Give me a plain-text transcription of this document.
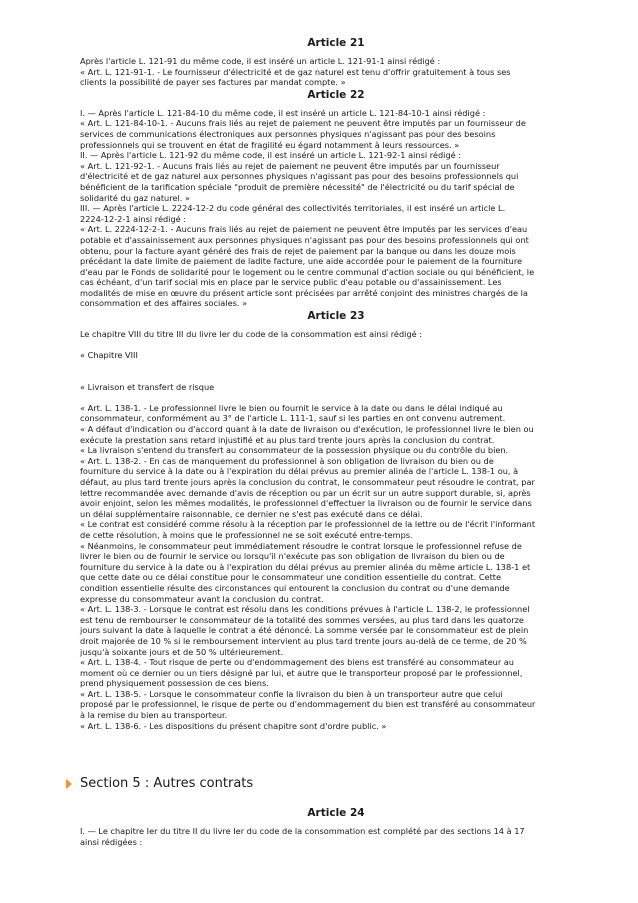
Article 21

Après l'article L. 121-91 du même code, il est inséré un article L. 121-91-1 ainsi rédigé :

« Art. L. 121-91-1. - Le fournisseur d'électricité et de gaz naturel est tenu d'offrir gratuitement à tous ses

clients la possibilité de payer ses factures par mandat compte. »

Article 22

I. — Après l'article L. 121-84-10 du même code, il est inséré un article L. 121-84-10-1 ainsi rédigé :

« Art. L. 121-84-10-1. - Aucuns frais liés au rejet de paiement ne peuvent être imputés par un fournisseur de

services de communications électroniques aux personnes physiques n'agissant pas pour des besoins

professionnels qui se trouvent en état de fragilité eu égard notamment à leurs ressources. »

II. — Après l'article L. 121-92 du même code, il est inséré un article L. 121-92-1 ainsi rédigé :

« Art. L. 121-92-1. - Aucuns frais liés au rejet de paiement ne peuvent être imputés par un fournisseur

d'électricité et de gaz naturel aux personnes physiques n'agissant pas pour des besoins professionnels qui

bénéficient de la tarification spéciale "produit de première nécessité" de l'électricité ou du tarif spécial de

solidarité du gaz naturel. »

III. — Après l'article L. 2224-12-2 du code général des collectivités territoriales, il est inséré un article L.

2224-12-2-1 ainsi rédigé :

« Art. L. 2224-12-2-1. - Aucuns frais liés au rejet de paiement ne peuvent être imputés par les services d'eau

potable et d'assainissement aux personnes physiques n'agissant pas pour des besoins professionnels qui ont

obtenu, pour la facture ayant généré des frais de rejet de paiement par la banque ou dans les douze mois

précédant la date limite de paiement de ladite facture, une aide accordée pour le paiement de la fourniture

d'eau par le Fonds de solidarité pour le logement ou le centre communal d'action sociale ou qui bénéficient, le

cas échéant, d'un tarif social mis en place par le service public d'eau potable ou d'assainissement. Les

modalités de mise en œuvre du présent article sont précisées par arrêté conjoint des ministres chargés de la

consommation et des affaires sociales. »

Article 23

Le chapitre VIII du titre III du livre Ier du code de la consommation est ainsi rédigé :

« Chapitre VIII

« Livraison et transfert de risque

« Art. L. 138-1. - Le professionnel livre le bien ou fournit le service à la date ou dans le délai indiqué au

consommateur, conformément au 3° de l'article L. 111-1, sauf si les parties en ont convenu autrement.

« A défaut d'indication ou d'accord quant à la date de livraison ou d'exécution, le professionnel livre le bien ou

exécute la prestation sans retard injustifié et au plus tard trente jours après la conclusion du contrat.

« La livraison s'entend du transfert au consommateur de la possession physique ou du contrôle du bien.

« Art. L. 138-2. - En cas de manquement du professionnel à son obligation de livraison du bien ou de

fourniture du service à la date ou à l'expiration du délai prévus au premier alinéa de l'article L. 138-1 ou, à

défaut, au plus tard trente jours après la conclusion du contrat, le consommateur peut résoudre le contrat, par

lettre recommandée avec demande d'avis de réception ou par un écrit sur un autre support durable, si, après

avoir enjoint, selon les mêmes modalités, le professionnel d'effectuer la livraison ou de fournir le service dans

un délai supplémentaire raisonnable, ce dernier ne s'est pas exécuté dans ce délai.

« Le contrat est considéré comme résolu à la réception par le professionnel de la lettre ou de l'écrit l'informant

de cette résolution, à moins que le professionnel ne se soit exécuté entre-temps.

« Néanmoins, le consommateur peut immédiatement résoudre le contrat lorsque le professionnel refuse de

livrer le bien ou de fournir le service ou lorsqu'il n'exécute pas son obligation de livraison du bien ou de

fourniture du service à la date ou à l'expiration du délai prévus au premier alinéa du même article L. 138-1 et

que cette date ou ce délai constitue pour le consommateur une condition essentielle du contrat. Cette

condition essentielle résulte des circonstances qui entourent la conclusion du contrat ou d'une demande

expresse du consommateur avant la conclusion du contrat.

« Art. L. 138-3. - Lorsque le contrat est résolu dans les conditions prévues à l'article L. 138-2, le professionnel

est tenu de rembourser le consommateur de la totalité des sommes versées, au plus tard dans les quatorze

jours suivant la date à laquelle le contrat a été dénoncé. La somme versée par le consommateur est de plein

droit majorée de 10 % si le remboursement intervient au plus tard trente jours au-delà de ce terme, de 20 %

jusqu'à soixante jours et de 50 % ultérieurement.

« Art. L. 138-4. - Tout risque de perte ou d'endommagement des biens est transféré au consommateur au

moment où ce dernier ou un tiers désigné par lui, et autre que le transporteur proposé par le professionnel,

prend physiquement possession de ces biens.

« Art. L. 138-5. - Lorsque le consommateur confie la livraison du bien à un transporteur autre que celui

proposé par le professionnel, le risque de perte ou d'endommagement du bien est transféré au consommateur

à la remise du bien au transporteur.

« Art. L. 138-6. - Les dispositions du présent chapitre sont d'ordre public. »

Section 5 : Autres contrats

Article 24

I. — Le chapitre Ier du titre II du livre Ier du code de la consommation est complété par des sections 14 à 17

ainsi rédigées :
